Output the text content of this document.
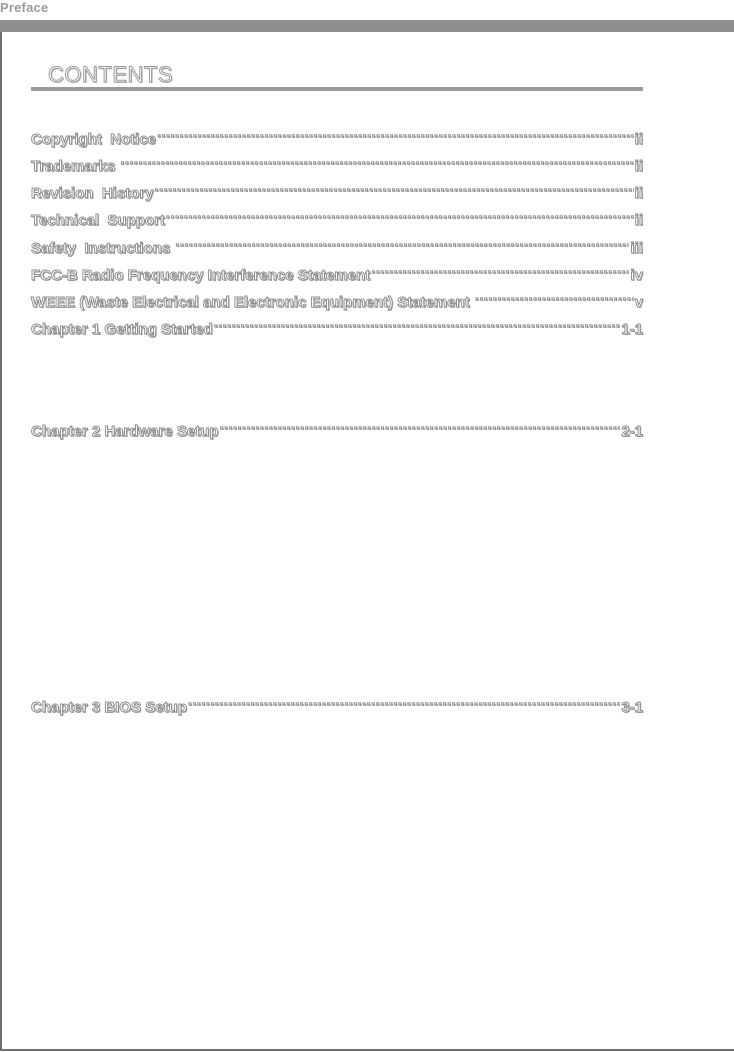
Preface
CONTENTS
Copyright  Notice .....	ii
Trademarks .....	ii
Revision  History .....	ii
Technical  Support .....	ii
Safety  Instructions .....	iii
FCC-B Radio Frequency Interference Statement .....	iv
WEEE (Waste Electrical and Electronic Equipment) Statement .....	v
Chapter 1 Getting Started .....	1-1
Chapter 2 Hardware Setup .....	2-1
Chapter 3 BIOS Setup .....	3-1
